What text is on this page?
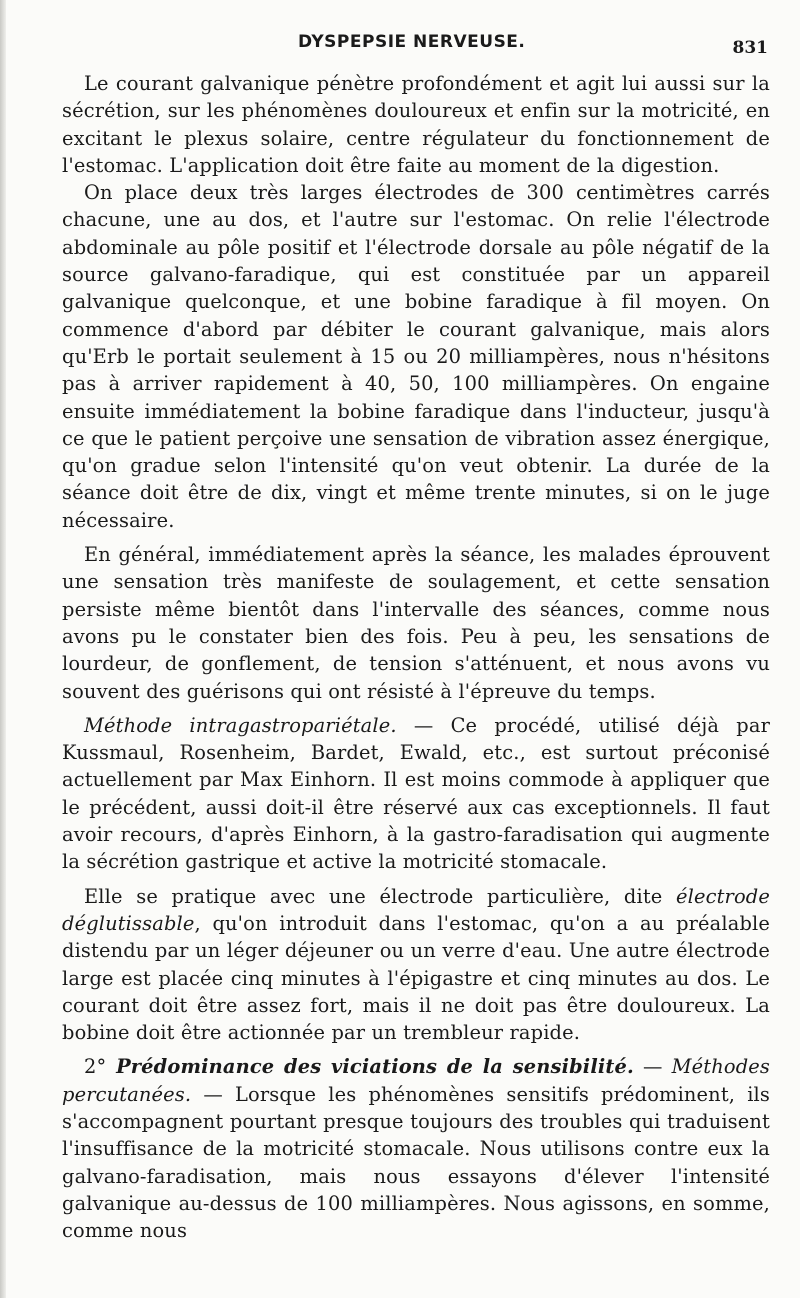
DYSPEPSIE NERVEUSE.	831

Le courant galvanique pénètre profondément et agit lui aussi sur la sécrétion, sur les phénomènes douloureux et enfin sur la motricité, en excitant le plexus solaire, centre régulateur du fonctionnement de l'estomac. L'application doit être faite au moment de la digestion.

On place deux très larges électrodes de 300 centimètres carrés chacune, une au dos, et l'autre sur l'estomac. On relie l'électrode abdominale au pôle positif et l'électrode dorsale au pôle négatif de la source galvano-faradique, qui est constituée par un appareil galvanique quelconque, et une bobine faradique à fil moyen. On commence d'abord par débiter le courant galvanique, mais alors qu'Erb le portait seulement à 15 ou 20 milliampères, nous n'hésitons pas à arriver rapidement à 40, 50, 100 milliampères. On engaine ensuite immédiatement la bobine faradique dans l'inducteur, jusqu'à ce que le patient perçoive une sensation de vibration assez énergique, qu'on gradue selon l'intensité qu'on veut obtenir. La durée de la séance doit être de dix, vingt et même trente minutes, si on le juge nécessaire.

En général, immédiatement après la séance, les malades éprouvent une sensation très manifeste de soulagement, et cette sensation persiste même bientôt dans l'intervalle des séances, comme nous avons pu le constater bien des fois. Peu à peu, les sensations de lourdeur, de gonflement, de tension s'atténuent, et nous avons vu souvent des guérisons qui ont résisté à l'épreuve du temps.

Méthode intragastropariétale. — Ce procédé, utilisé déjà par Kussmaul, Rosenheim, Bardet, Ewald, etc., est surtout préconisé actuellement par Max Einhorn. Il est moins commode à appliquer que le précédent, aussi doit-il être réservé aux cas exceptionnels. Il faut avoir recours, d'après Einhorn, à la gastro-faradisation qui augmente la sécrétion gastrique et active la motricité stomacale.

Elle se pratique avec une électrode particulière, dite électrode déglutissable, qu'on introduit dans l'estomac, qu'on a au préalable distendu par un léger déjeuner ou un verre d'eau. Une autre électrode large est placée cinq minutes à l'épigastre et cinq minutes au dos. Le courant doit être assez fort, mais il ne doit pas être douloureux. La bobine doit être actionnée par un trembleur rapide.

2° Prédominance des viciations de la sensibilité. — Méthodes percutanées. — Lorsque les phénomènes sensitifs prédominent, ils s'accompagnent pourtant presque toujours des troubles qui traduisent l'insuffisance de la motricité stomacale. Nous utilisons contre eux la galvano-faradisation, mais nous essayons d'élever l'intensité galvanique au-dessus de 100 milliampères. Nous agissons, en somme, comme nous
